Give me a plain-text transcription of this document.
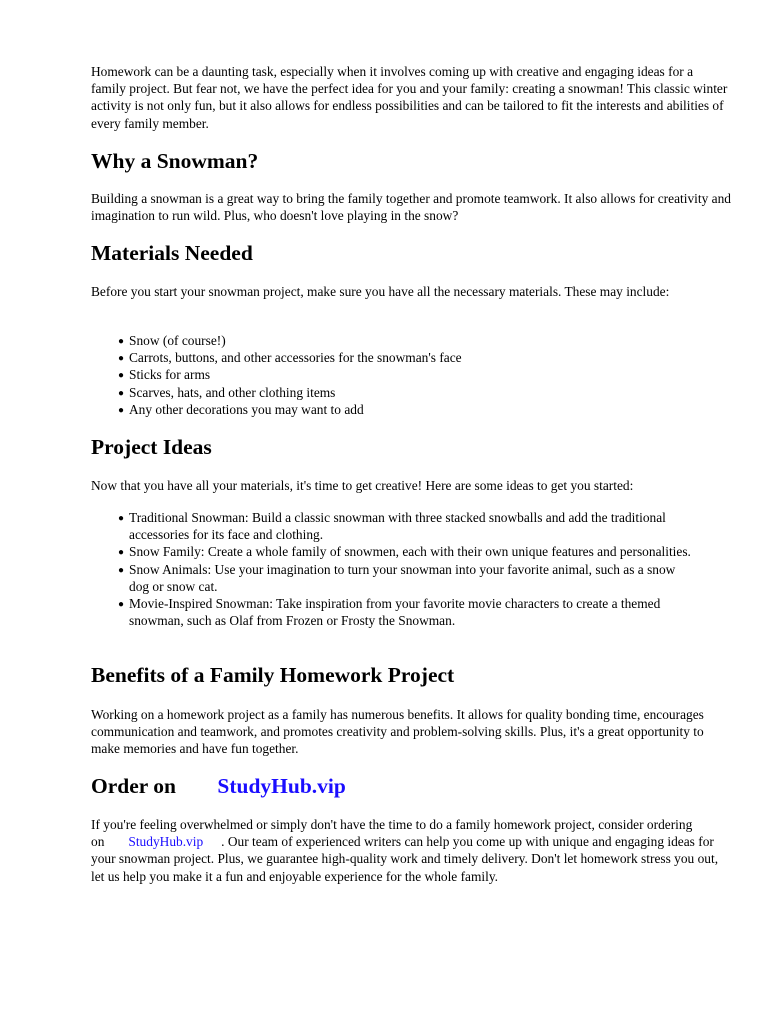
Homework can be a daunting task, especially when it involves coming up with creative and engaging ideas for a family project. But fear not, we have the perfect idea for you and your family: creating a snowman! This classic winter activity is not only fun, but it also allows for endless possibilities and can be tailored to fit the interests and abilities of every family member.

Why a Snowman?

Building a snowman is a great way to bring the family together and promote teamwork. It also allows for creativity and imagination to run wild. Plus, who doesn't love playing in the snow?

Materials Needed

Before you start your snowman project, make sure you have all the necessary materials. These may include:

● Snow (of course!)
● Carrots, buttons, and other accessories for the snowman's face
● Sticks for arms
● Scarves, hats, and other clothing items
● Any other decorations you may want to add
Project Ideas

Now that you have all your materials, it's time to get creative! Here are some ideas to get you started:

● Traditional Snowman: Build a classic snowman with three stacked snowballs and add the traditional accessories for its face and clothing.
● Snow Family: Create a whole family of snowmen, each with their own unique features and personalities.
● Snow Animals: Use your imagination to turn your snowman into your favorite animal, such as a snow dog or snow cat.
● Movie-Inspired Snowman: Take inspiration from your favorite movie characters to create a themed snowman, such as Olaf from Frozen or Frosty the Snowman.
Benefits of a Family Homework Project

Working on a homework project as a family has numerous benefits. It allows for quality bonding time, encourages communication and teamwork, and promotes creativity and problem-solving skills. Plus, it's a great opportunity to make memories and have fun together.

Order on StudyHub.vip

If you're feeling overwhelmed or simply don't have the time to do a family homework project, consider ordering on StudyHub.vip . Our team of experienced writers can help you come up with unique and engaging ideas for your snowman project. Plus, we guarantee high-quality work and timely delivery. Don't let homework stress you out, let us help you make it a fun and enjoyable experience for the whole family.
